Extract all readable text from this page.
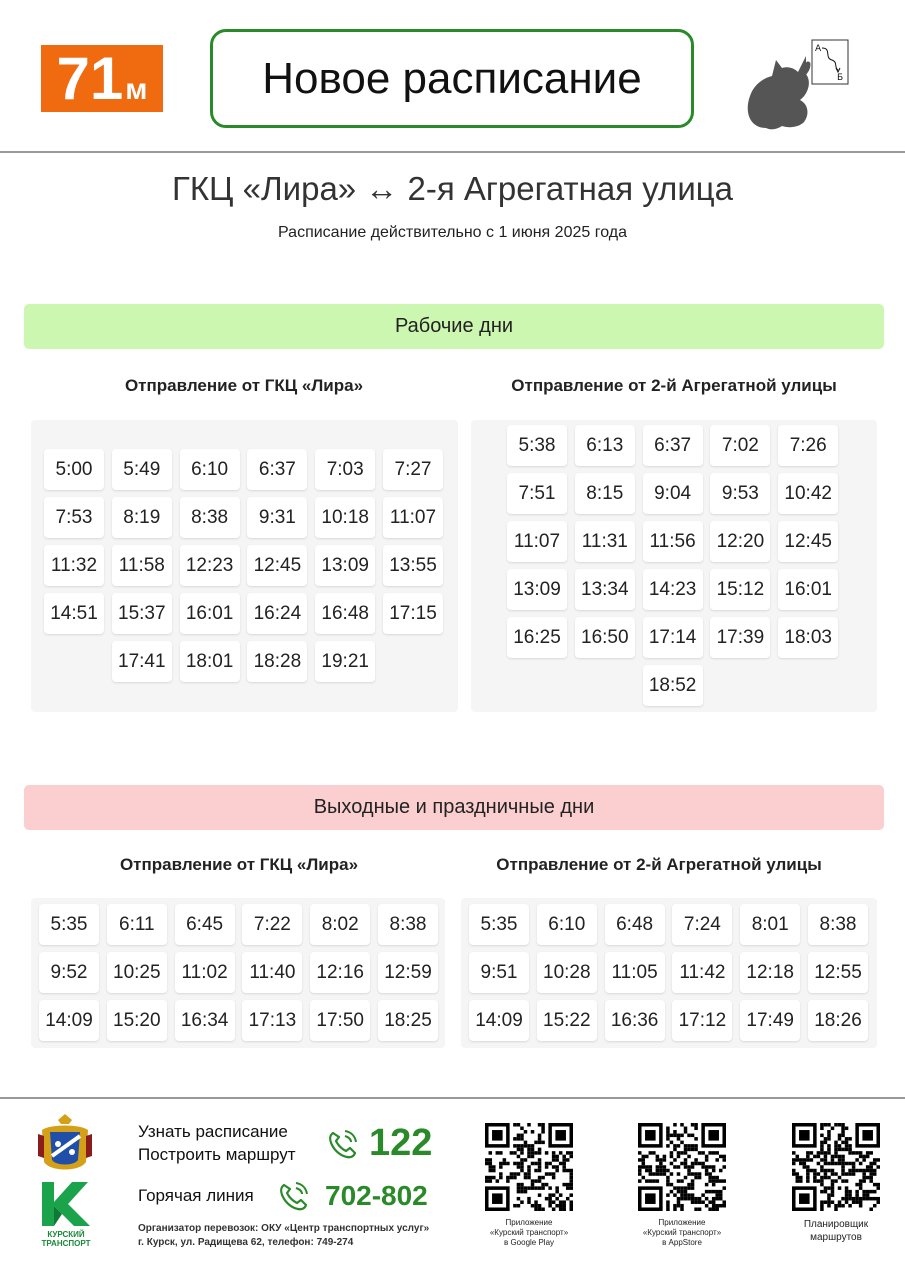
71 м	Новое расписание
А
Б
ГКЦ «Лира» ↔ 2-я Агрегатная улица
Расписание действительно с 1 июня 2025 года
Рабочие дни
Отправление от ГКЦ «Лира»	Отправление от 2-й Агрегатной улицы
5:00	5:49	6:10	6:37	7:03	7:27
7:53	8:19	8:38	9:31	10:18	11:07
11:32	11:58	12:23	12:45	13:09	13:55
14:51	15:37	16:01	16:24	16:48	17:15
17:41	18:01	18:28	19:21
5:38	6:13	6:37	7:02	7:26
7:51	8:15	9:04	9:53	10:42
11:07	11:31	11:56	12:20	12:45
13:09	13:34	14:23	15:12	16:01
16:25	16:50	17:14	17:39	18:03
18:52
Выходные и праздничные дни
Отправление от ГКЦ «Лира»	Отправление от 2-й Агрегатной улицы
5:35	6:11	6:45	7:22	8:02	8:38
9:52	10:25	11:02	11:40	12:16	12:59
14:09	15:20	16:34	17:13	17:50	18:25
5:35	6:10	6:48	7:24	8:01	8:38
9:51	10:28	11:05	11:42	12:18	12:55
14:09	15:22	16:36	17:12	17:49	18:26
КУРСКИЙ
ТРАНСПОРТ
Узнать расписание
Построить маршрут 122
Горячая линия	702-802
Организатор перевозок: ОКУ «Центр транспортных услуг»
г. Курск, ул. Радищева 62, телефон: 749-274
Приложение
«Курский транспорт»
в Google Play
Приложение
«Курский транспорт»
в AppStore
Планировщик
маршрутов
